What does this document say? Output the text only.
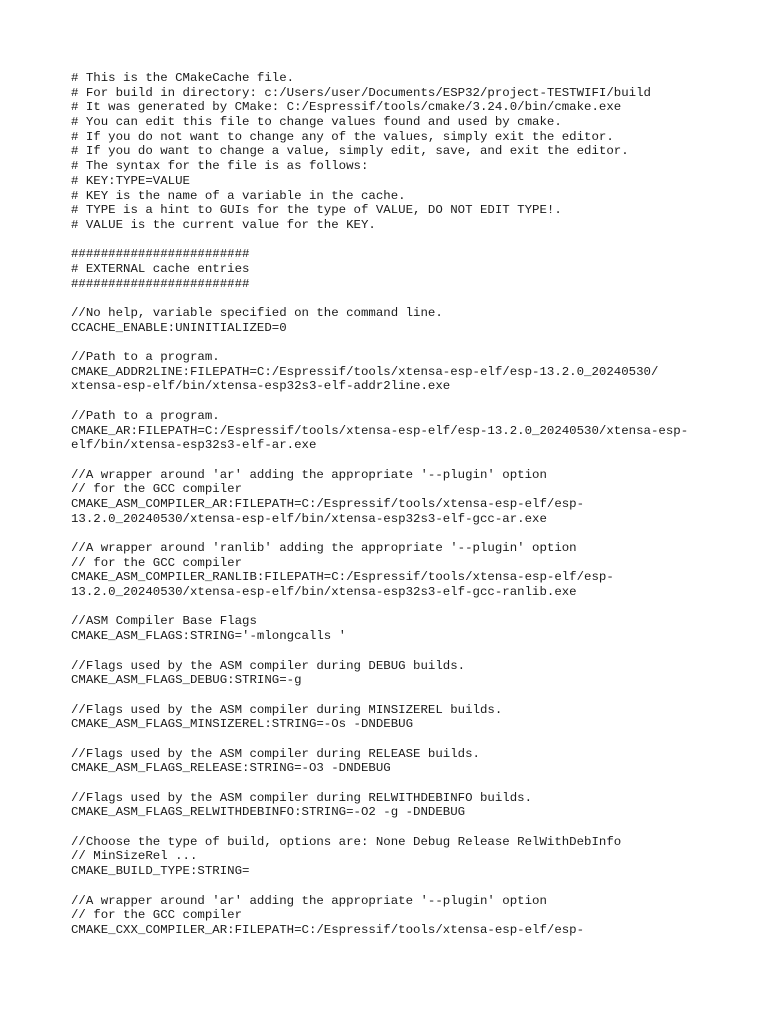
# This is the CMakeCache file.
# For build in directory: c:/Users/user/Documents/ESP32/project-TESTWIFI/build
# It was generated by CMake: C:/Espressif/tools/cmake/3.24.0/bin/cmake.exe
# You can edit this file to change values found and used by cmake.
# If you do not want to change any of the values, simply exit the editor.
# If you do want to change a value, simply edit, save, and exit the editor.
# The syntax for the file is as follows:
# KEY:TYPE=VALUE
# KEY is the name of a variable in the cache.
# TYPE is a hint to GUIs for the type of VALUE, DO NOT EDIT TYPE!.
# VALUE is the current value for the KEY.
########################
# EXTERNAL cache entries
########################
//No help, variable specified on the command line.
CCACHE_ENABLE:UNINITIALIZED=0
//Path to a program.
CMAKE_ADDR2LINE:FILEPATH=C:/Espressif/tools/xtensa-esp-elf/esp-13.2.0_20240530/
xtensa-esp-elf/bin/xtensa-esp32s3-elf-addr2line.exe
//Path to a program.
CMAKE_AR:FILEPATH=C:/Espressif/tools/xtensa-esp-elf/esp-13.2.0_20240530/xtensa-esp-
elf/bin/xtensa-esp32s3-elf-ar.exe
//A wrapper around 'ar' adding the appropriate '--plugin' option
// for the GCC compiler
CMAKE_ASM_COMPILER_AR:FILEPATH=C:/Espressif/tools/xtensa-esp-elf/esp-
13.2.0_20240530/xtensa-esp-elf/bin/xtensa-esp32s3-elf-gcc-ar.exe
//A wrapper around 'ranlib' adding the appropriate '--plugin' option
// for the GCC compiler
CMAKE_ASM_COMPILER_RANLIB:FILEPATH=C:/Espressif/tools/xtensa-esp-elf/esp-
13.2.0_20240530/xtensa-esp-elf/bin/xtensa-esp32s3-elf-gcc-ranlib.exe
//ASM Compiler Base Flags
CMAKE_ASM_FLAGS:STRING='-mlongcalls '
//Flags used by the ASM compiler during DEBUG builds.
CMAKE_ASM_FLAGS_DEBUG:STRING=-g
//Flags used by the ASM compiler during MINSIZEREL builds.
CMAKE_ASM_FLAGS_MINSIZEREL:STRING=-Os -DNDEBUG
//Flags used by the ASM compiler during RELEASE builds.
CMAKE_ASM_FLAGS_RELEASE:STRING=-O3 -DNDEBUG
//Flags used by the ASM compiler during RELWITHDEBINFO builds.
CMAKE_ASM_FLAGS_RELWITHDEBINFO:STRING=-O2 -g -DNDEBUG
//Choose the type of build, options are: None Debug Release RelWithDebInfo
// MinSizeRel ...
CMAKE_BUILD_TYPE:STRING=
//A wrapper around 'ar' adding the appropriate '--plugin' option
// for the GCC compiler
CMAKE_CXX_COMPILER_AR:FILEPATH=C:/Espressif/tools/xtensa-esp-elf/esp-
